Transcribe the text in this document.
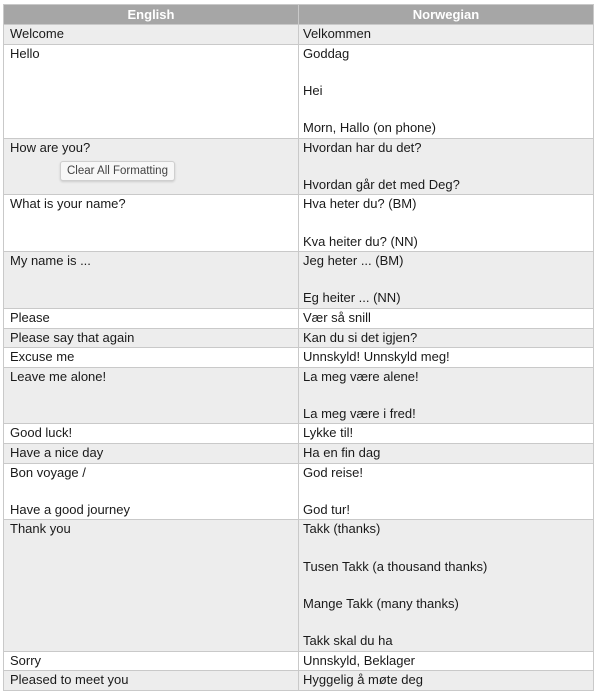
English	Norwegian
Welcome	Velkommen
Hello	Goddag

Hei

Morn, Hallo (on phone)
How are you?	Hvordan har du det?

Hvordan går det med Deg?
What is your name?	Hva heter du? (BM)

Kva heiter du? (NN)
My name is ...	Jeg heter ... (BM)

Eg heiter ... (NN)
Please	Vær så snill
Please say that again	Kan du si det igjen?
Excuse me	Unnskyld! Unnskyld meg!
Leave me alone!	La meg være alene!

La meg være i fred!
Good luck!	Lykke til!
Have a nice day	Ha en fin dag
Bon voyage /

Have a good journey	God reise!

God tur!
Thank you	Takk (thanks)

Tusen Takk (a thousand thanks)

Mange Takk (many thanks)

Takk skal du ha
Sorry	Unnskyld, Beklager
Pleased to meet you	Hyggelig å møte deg
Clear All Formatting
